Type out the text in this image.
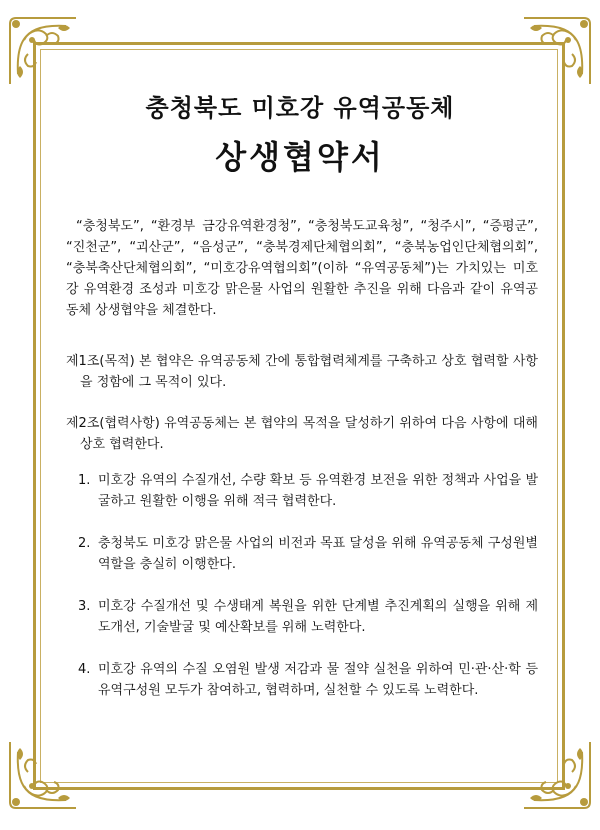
충청북도 미호강 유역공동체
상생협약서

“충청북도”, “환경부 금강유역환경청”, “충청북도교육청”, “청주시”, “증평군”, “진천군”, “괴산군”, “음성군”, “충북경제단체협의회”, “충북농업인단체협의회”, “충북축산단체협의회”, “미호강유역협의회”(이하 “유역공동체”)는 가치있는 미호강 유역환경 조성과 미호강 맑은물 사업의 원활한 추진을 위해 다음과 같이 유역공동체 상생협약을 체결한다.

제1조(목적) 본 협약은 유역공동체 간에 통합협력체계를 구축하고 상호 협력할 사항을 정함에 그 목적이 있다.

제2조(협력사항) 유역공동체는 본 협약의 목적을 달성하기 위하여 다음 사항에 대해 상호 협력한다.

1. 미호강 유역의 수질개선, 수량 확보 등 유역환경 보전을 위한 정책과 사업을 발굴하고 원활한 이행을 위해 적극 협력한다.
2. 충청북도 미호강 맑은물 사업의 비전과 목표 달성을 위해 유역공동체 구성원별 역할을 충실히 이행한다.
3. 미호강 수질개선 및 수생태계 복원을 위한 단계별 추진계획의 실행을 위해 제도개선, 기술발굴 및 예산확보를 위해 노력한다.
4. 미호강 유역의 수질 오염원 발생 저감과 물 절약 실천을 위하여 민·관·산·학 등 유역구성원 모두가 참여하고, 협력하며, 실천할 수 있도록 노력한다.
